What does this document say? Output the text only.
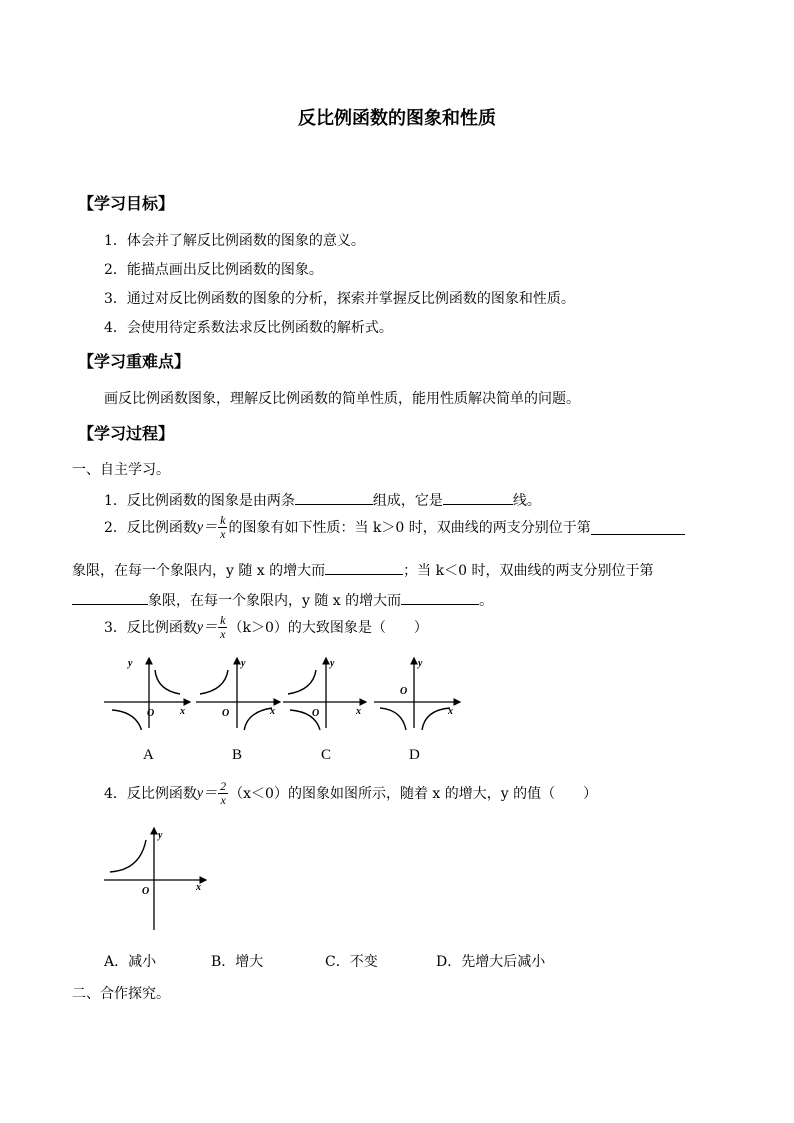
反比例函数的图象和性质
【学习目标】
1．体会并了解反比例函数的图象的意义。
2．能描点画出反比例函数的图象。
3．通过对反比例函数的图象的分析，探索并掌握反比例函数的图象和性质。
4．会使用待定系数法求反比例函数的解析式。
【学习重难点】
画反比例函数图象，理解反比例函数的简单性质，能用性质解决简单的问题。
【学习过程】
一、自主学习。
1．反比例函数的图象是由两条	组成，它是	线。
2．反比例函数 $y= \frac{k}{x}$ 的图象有如下性质：当 k＞0 时，双曲线的两支分别位于第
象限，在每一个象限内，y 随 x 的增大而	；当 k＜0 时，双曲线的两支分别位于第
象限，在每一个象限内，y 随 x 的增大而	。
3．反比例函数 $y= \frac{k}{x} (k>0)$的大致图象是（　　）
y
O	x
y
O	x
y
O	x
y
O
x
A	B	C	D
4．反比例函数 $y= \frac{2}{x} (x<0)$的图象如图所示，随着 x 的增大，y 的值（　　）
y
O	x
A．减小	B．增大	C．不变	D．先增大后减小
二、合作探究。
